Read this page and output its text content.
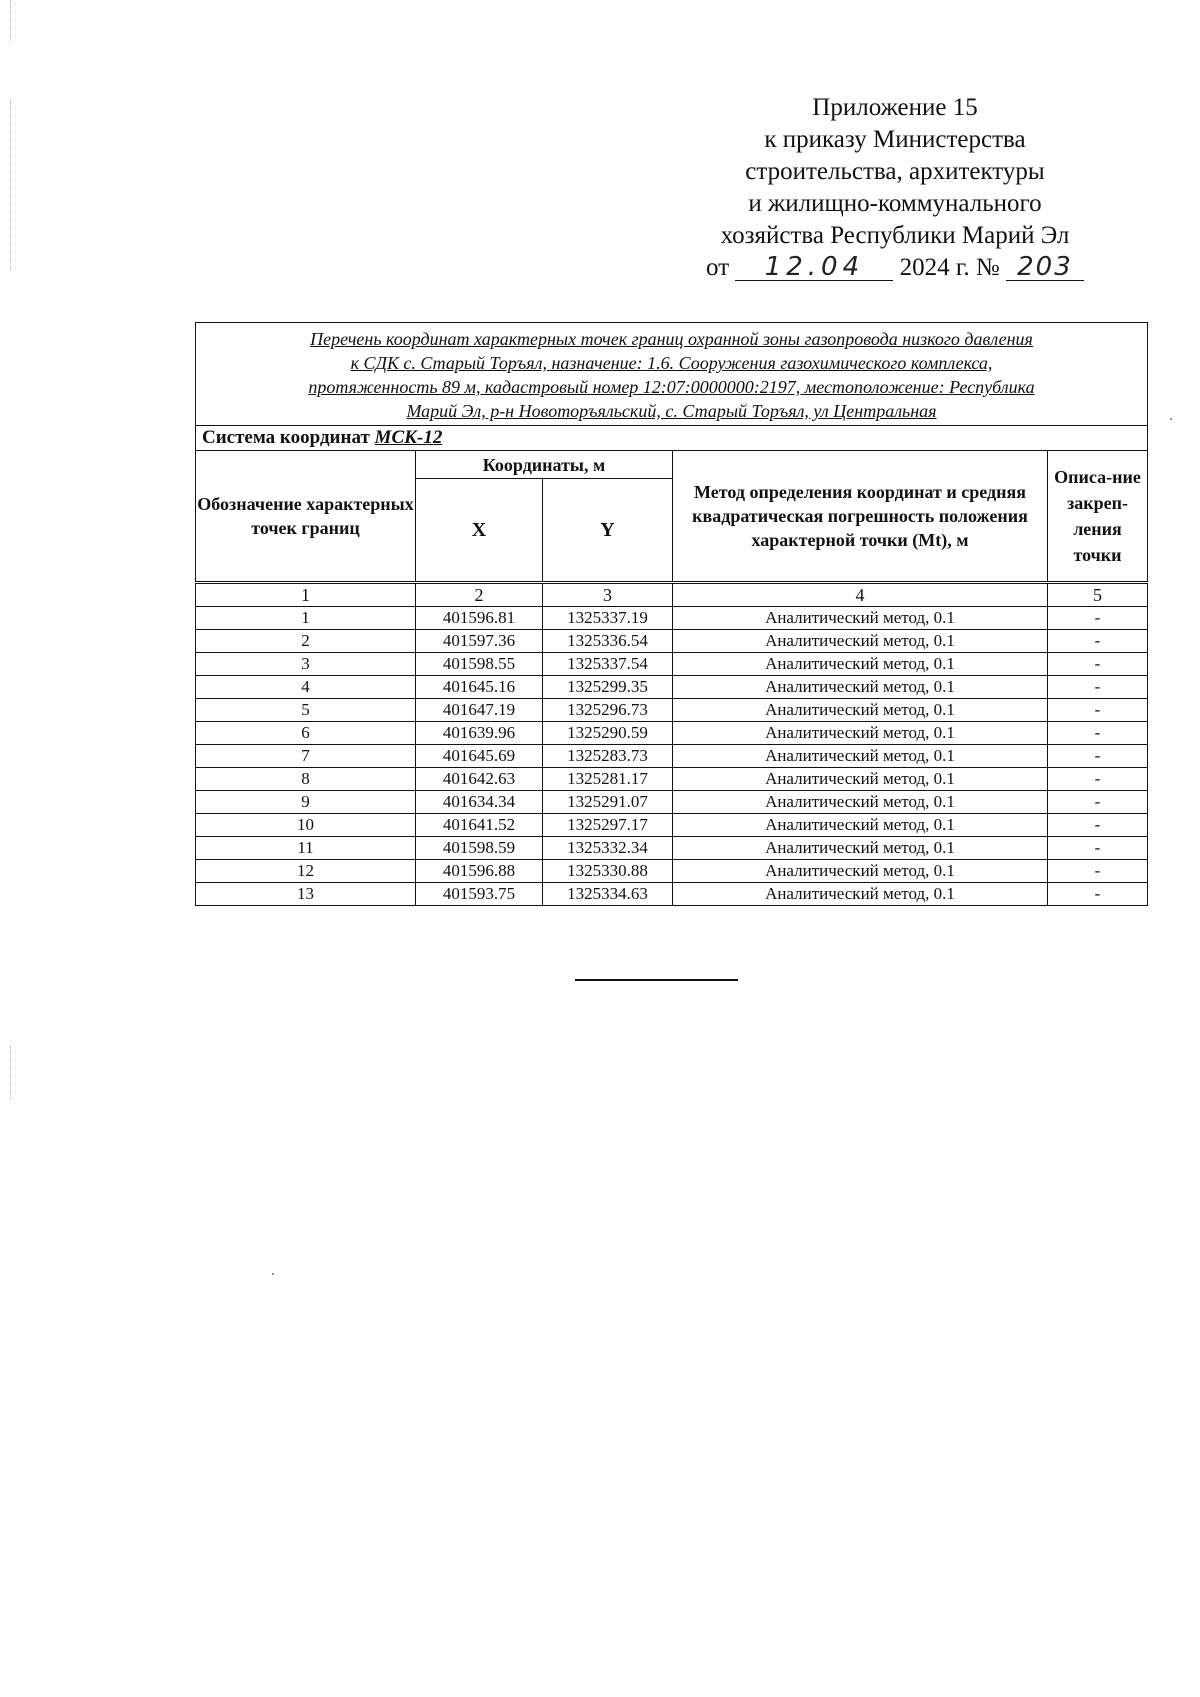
Приложение 15
к приказу Министерства
строительства, архитектуры
и жилищно-коммунального
хозяйства Республики Марий Эл
от 12.04 2024 г. № 203
Перечень координат характерных точек границ охранной зоны газопровода низкого давления
к СДК с. Старый Торъял, назначение: 1.6. Сооружения газохимического комплекса,
протяженность 89 м, кадастровый номер 12:07:0000000:2197, местоположение: Республика
Марий Эл, р-н Новоторъяльский, с. Старый Торъял, ул Центральная				
Система координат МСК-12				
Обозначение характерных точек границ	Координаты, м		Метод определения координат и средняя квадратическая погрешность положения характерной точки (Mt), м	Описа-ние закреп-ления точки
	X	Y		
1	2	3	4	5
1	401596.81	1325337.19	Аналитический метод, 0.1	-
2	401597.36	1325336.54	Аналитический метод, 0.1	-
3	401598.55	1325337.54	Аналитический метод, 0.1	-
4	401645.16	1325299.35	Аналитический метод, 0.1	-
5	401647.19	1325296.73	Аналитический метод, 0.1	-
6	401639.96	1325290.59	Аналитический метод, 0.1	-
7	401645.69	1325283.73	Аналитический метод, 0.1	-
8	401642.63	1325281.17	Аналитический метод, 0.1	-
9	401634.34	1325291.07	Аналитический метод, 0.1	-
10	401641.52	1325297.17	Аналитический метод, 0.1	-
11	401598.59	1325332.34	Аналитический метод, 0.1	-
12	401596.88	1325330.88	Аналитический метод, 0.1	-
13	401593.75	1325334.63	Аналитический метод, 0.1	-
